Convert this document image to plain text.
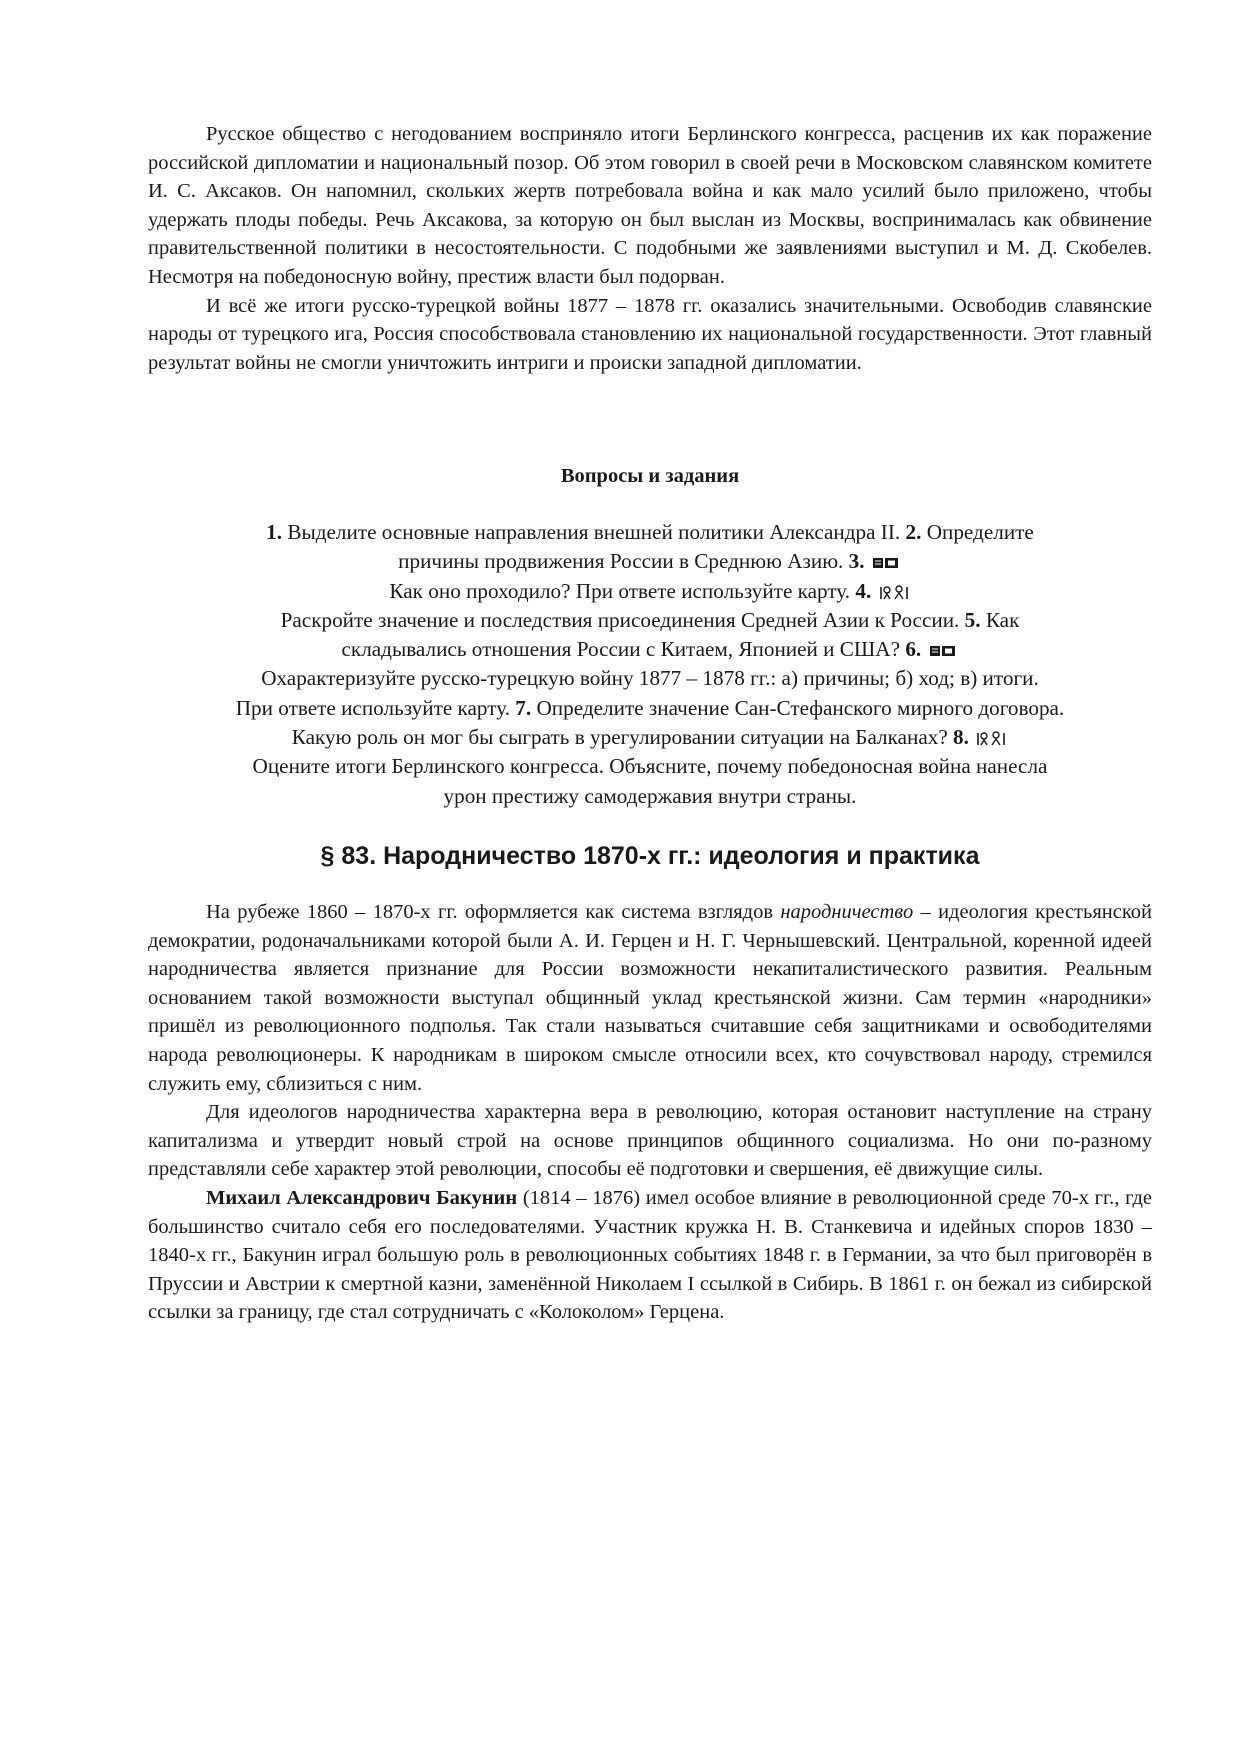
Русское общество с негодованием восприняло итоги Берлинского конгресса, расценив их как поражение российской дипломатии и национальный позор. Об этом говорил в своей речи в Московском славянском комитете И. С. Аксаков. Он напомнил, скольких жертв потребовала война и как мало усилий было приложено, чтобы удержать плоды победы. Речь Аксакова, за которую он был выслан из Москвы, воспринималась как обвинение правительственной политики в несостоятельности. С подобными же заявлениями выступил и М. Д. Скобелев. Несмотря на победоносную войну, престиж власти был подорван.

И всё же итоги русско-турецкой войны 1877 – 1878 гг. оказались значительными. Освободив славянские народы от турецкого ига, Россия способствовала становлению их национальной государственности. Этот главный результат войны не смогли уничтожить интриги и происки западной дипломатии.

Вопросы и задания
1. Выделите основные направления внешней политики Александра II. 2. Определите
причины продвижения России в Среднюю Азию. 3.
Как оно проходило? При ответе используйте карту. 4.
Раскройте значение и последствия присоединения Средней Азии к России. 5. Как
складывались отношения России с Китаем, Японией и США? 6.
Охарактеризуйте русско-турецкую войну 1877 – 1878 гг.: а) причины; б) ход; в) итоги.
При ответе используйте карту. 7. Определите значение Сан-Стефанского мирного договора.
Какую роль он мог бы сыграть в урегулировании ситуации на Балканах? 8.
Оцените итоги Берлинского конгресса. Объясните, почему победоносная война нанесла
урон престижу самодержавия внутри страны.
§ 83. Народничество 1870-х гг.: идеология и практика

На рубеже 1860 – 1870-х гг. оформляется как система взглядов народничество – идеология крестьянской демократии, родоначальниками которой были А. И. Герцен и Н. Г. Чернышевский. Центральной, коренной идеей народничества является признание для России возможности некапиталистического развития. Реальным основанием такой возможности выступал общинный уклад крестьянской жизни. Сам термин «народники» пришёл из революционного подполья. Так стали называться считавшие себя защитниками и освободителями народа революционеры. К народникам в широком смысле относили всех, кто сочувствовал народу, стремился служить ему, сблизиться с ним.

Для идеологов народничества характерна вера в революцию, которая остановит наступление на страну капитализма и утвердит новый строй на основе принципов общинного социализма. Но они по-разному представляли себе характер этой революции, способы её подготовки и свершения, её движущие силы.

Михаил Александрович Бакунин (1814 – 1876) имел особое влияние в революционной среде 70-х гг., где большинство считало себя его последователями. Участник кружка Н. В. Станкевича и идейных споров 1830 – 1840-х гг., Бакунин играл большую роль в революционных событиях 1848 г. в Германии, за что был приговорён в Пруссии и Австрии к смертной казни, заменённой Николаем I ссылкой в Сибирь. В 1861 г. он бежал из сибирской ссылки за границу, где стал сотрудничать с «Колоколом» Герцена.
